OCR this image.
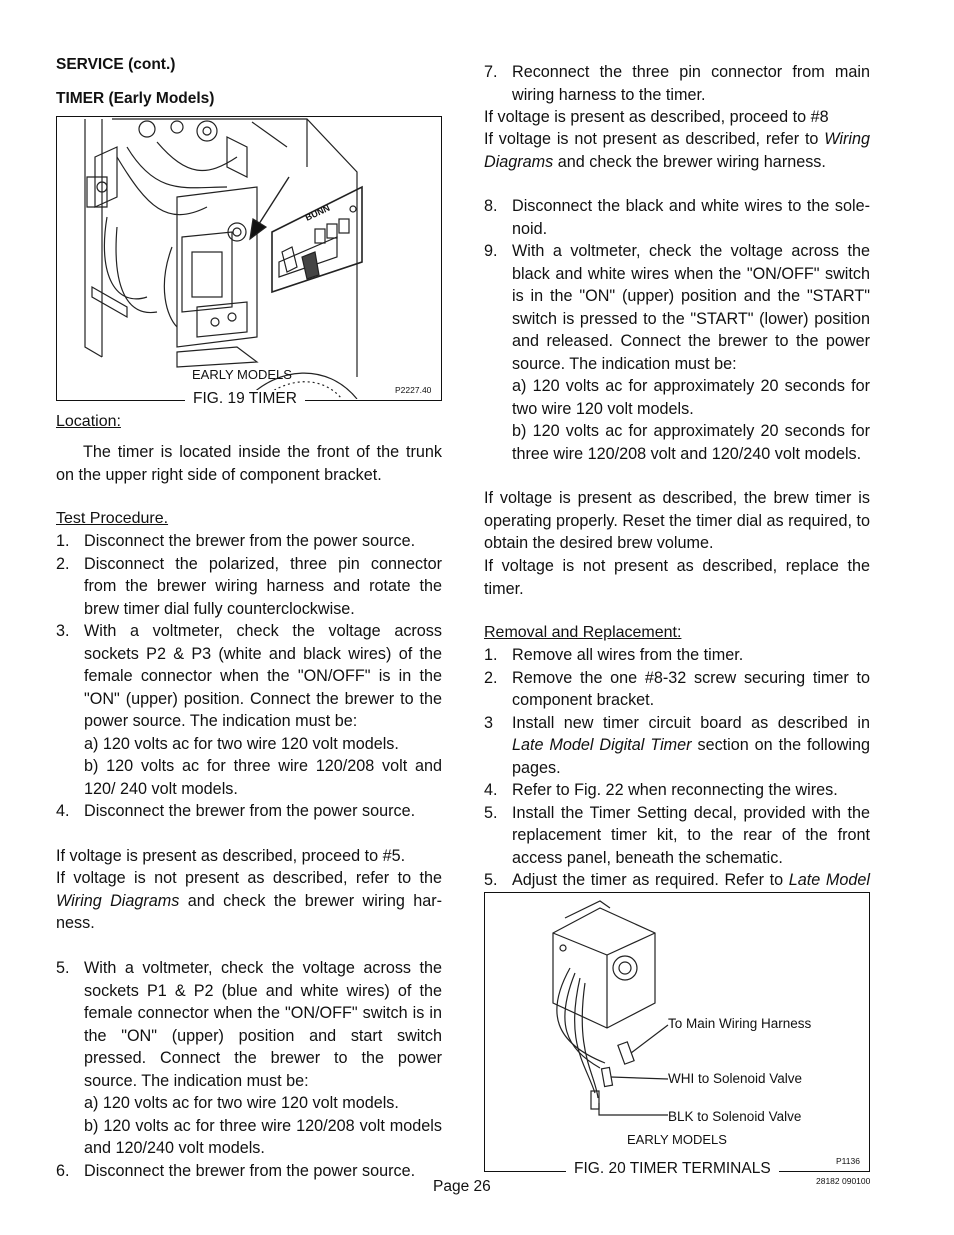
SERVICE (cont.)
TIMER (Early Models)
BUNN
EARLY MODELS
P2227.40
FIG. 19 TIMER
Location:
The timer is located inside the front of the trunk on the upper right side of component bracket.
Test Procedure.
1. Disconnect the brewer from the power source.
2. Disconnect the polarized, three pin connector from the brewer wiring harness and rotate the brew timer dial fully counterclockwise.
3. With a voltmeter, check the voltage across sockets P2 & P3 (white and black wires) of the female connector when the "ON/OFF" is in the "ON" (upper) position. Connect the brewer to the power source. The indication must be:
a) 120 volts ac for two wire 120 volt models.
b) 120 volts ac for three wire 120/208 volt and 120/ 240 volt models.
4. Disconnect the brewer from the power source.
If voltage is present as described, proceed to #5.
If voltage is not present as described, refer to the Wiring Diagrams and check the brewer wiring har-ness.
5. With a voltmeter, check the voltage across the sockets P1 & P2 (blue and white wires) of the female connector when the "ON/OFF" switch is in the "ON" (upper) position and start switch pressed. Connect the brewer to the power source. The indication must be:
a) 120 volts ac for two wire 120 volt models.
b) 120 volts ac for three wire 120/208 volt models and 120/240 volt models.
6. Disconnect the brewer from the power source.
7. Reconnect the three pin connector from main wiring harness to the timer.
If voltage is present as described, proceed to #8
If voltage is not present as described, refer to Wiring Diagrams and check the brewer wiring harness.
8. Disconnect the black and white wires to the sole-noid.
9. With a voltmeter, check the voltage across the black and white wires when the "ON/OFF" switch is in the "ON" (upper) position and the "START" switch is pressed to the "START" (lower) position and released. Connect the brewer to the power source. The indication must be:
a) 120 volts ac for approximately 20 seconds for two wire 120 volt models.
b) 120 volts ac for approximately 20 seconds for three wire 120/208 volt and 120/240 volt models.
If voltage is present as described, the brew timer is operating properly. Reset the timer dial as required, to obtain the desired brew volume.
If voltage is not present as described, replace the timer.
Removal and Replacement:
1. Remove all wires from the timer.
2. Remove the one #8-32 screw securing timer to component bracket.
3 Install new timer circuit board as described in Late Model Digital Timer section on the following pages.
4. Refer to Fig. 22 when reconnecting the wires.
5. Install the Timer Setting decal, provided with the replacement timer kit, to the rear of the front access panel, beneath the schematic.
5. Adjust the timer as required. Refer to Late Model
To Main Wiring Harness
WHI to Solenoid Valve
BLK to Solenoid Valve
EARLY MODELS
P1136
FIG. 20 TIMER TERMINALS
Page 26	28182 090100
